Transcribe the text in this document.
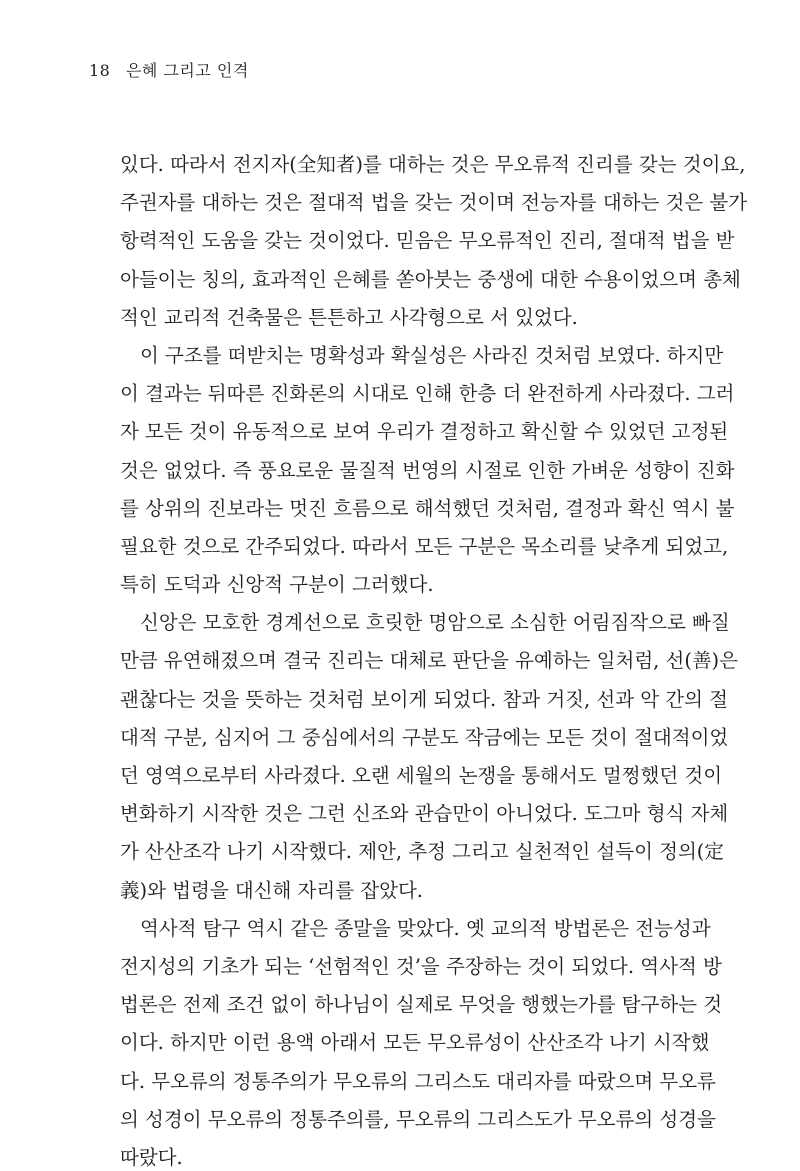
18 은혜 그리고 인격
있다. 따라서 전지자(全知者)를 대하는 것은 무오류적 진리를 갖는 것이요,
주권자를 대하는 것은 절대적 법을 갖는 것이며 전능자를 대하는 것은 불가
항력적인 도움을 갖는 것이었다. 믿음은 무오류적인 진리, 절대적 법을 받
아들이는 칭의, 효과적인 은혜를 쏟아붓는 중생에 대한 수용이었으며 총체
적인 교리적 건축물은 튼튼하고 사각형으로 서 있었다.
이 구조를 떠받치는 명확성과 확실성은 사라진 것처럼 보였다. 하지만
이 결과는 뒤따른 진화론의 시대로 인해 한층 더 완전하게 사라졌다. 그러
자 모든 것이 유동적으로 보여 우리가 결정하고 확신할 수 있었던 고정된
것은 없었다. 즉 풍요로운 물질적 번영의 시절로 인한 가벼운 성향이 진화
를 상위의 진보라는 멋진 흐름으로 해석했던 것처럼, 결정과 확신 역시 불
필요한 것으로 간주되었다. 따라서 모든 구분은 목소리를 낮추게 되었고,
특히 도덕과 신앙적 구분이 그러했다.
신앙은 모호한 경계선으로 흐릿한 명암으로 소심한 어림짐작으로 빠질
만큼 유연해졌으며 결국 진리는 대체로 판단을 유예하는 일처럼, 선(善)은
괜찮다는 것을 뜻하는 것처럼 보이게 되었다. 참과 거짓, 선과 악 간의 절
대적 구분, 심지어 그 중심에서의 구분도 작금에는 모든 것이 절대적이었
던 영역으로부터 사라졌다. 오랜 세월의 논쟁을 통해서도 멀쩡했던 것이
변화하기 시작한 것은 그런 신조와 관습만이 아니었다. 도그마 형식 자체
가 산산조각 나기 시작했다. 제안, 추정 그리고 실천적인 설득이 정의(定
義)와 법령을 대신해 자리를 잡았다.
역사적 탐구 역시 같은 종말을 맞았다. 옛 교의적 방법론은 전능성과
전지성의 기초가 되는 ‘선험적인 것’을 주장하는 것이 되었다. 역사적 방
법론은 전제 조건 없이 하나님이 실제로 무엇을 행했는가를 탐구하는 것
이다. 하지만 이런 용액 아래서 모든 무오류성이 산산조각 나기 시작했
다. 무오류의 정통주의가 무오류의 그리스도 대리자를 따랐으며 무오류
의 성경이 무오류의 정통주의를, 무오류의 그리스도가 무오류의 성경을
따랐다.
